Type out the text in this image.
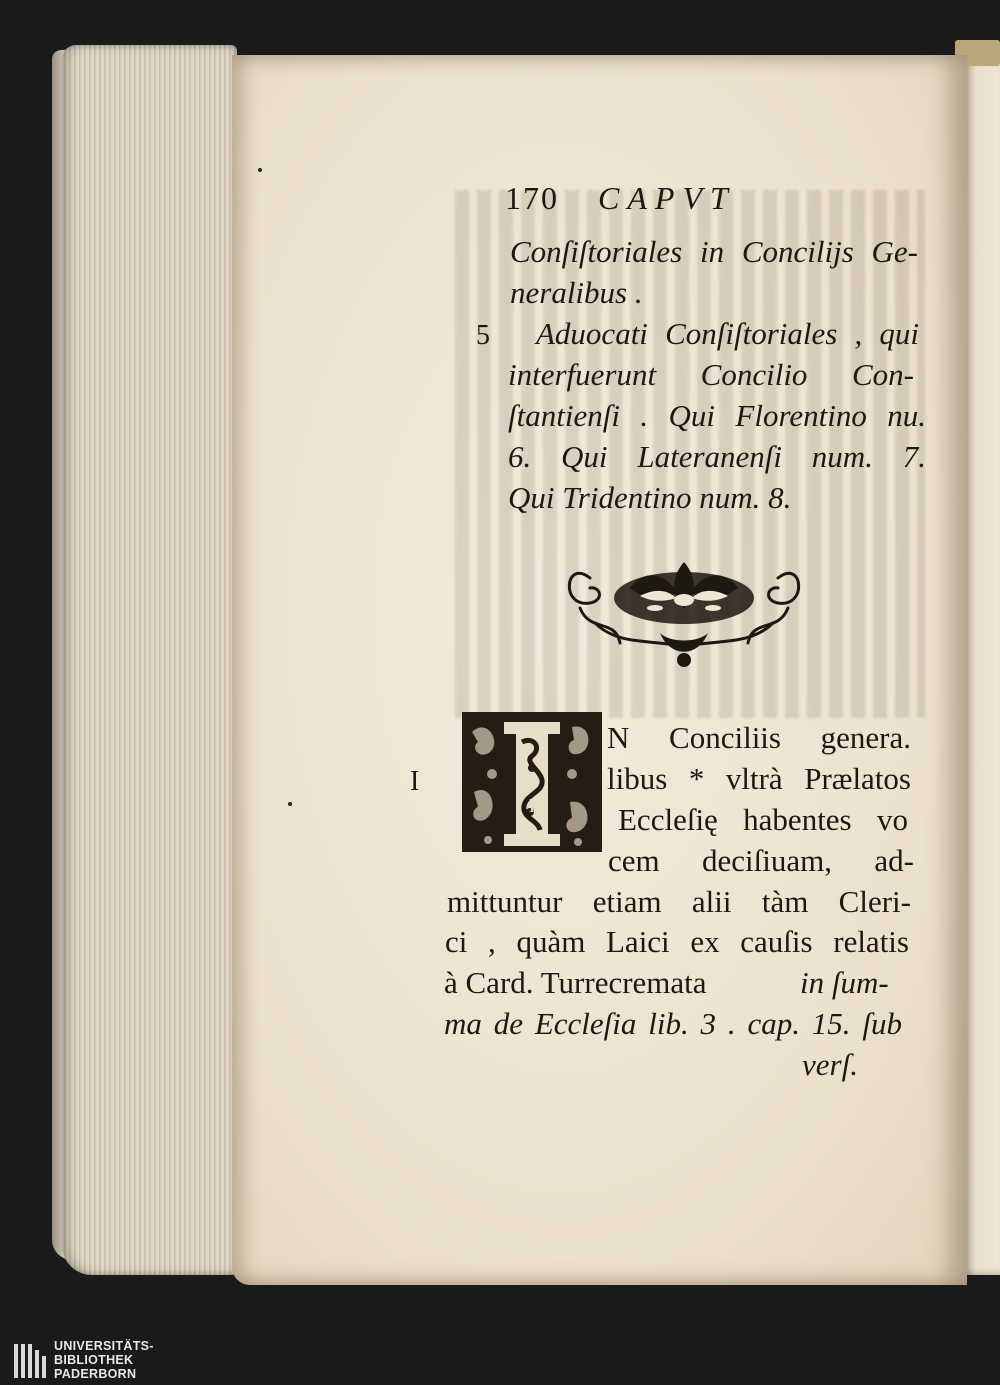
170 CAPVT
Conſiſtoriales in Concilijs Ge-
neralibus .
5 Aduocati Conſiſtoriales , qui
interfuerunt Concilio Con-
ſtantienſi . Qui Florentino nu.
6. Qui Lateranenſi num. 7.
Qui Tridentino num. 8.
I
N Conciliis genera.
I	libus * vltrà Prælatos
Eccleſię habentes vo
cem deciſiuam, ad-
mittuntur etiam alii tàm Cleri-
ci , quàm Laici ex cauſis relatis
à Card. Turrecremata	in ſum-
ma de Eccleſia lib. 3 . cap. 15. ſub
verſ.
UNIVERSITÄTS-
BIBLIOTHEK
PADERBORN
